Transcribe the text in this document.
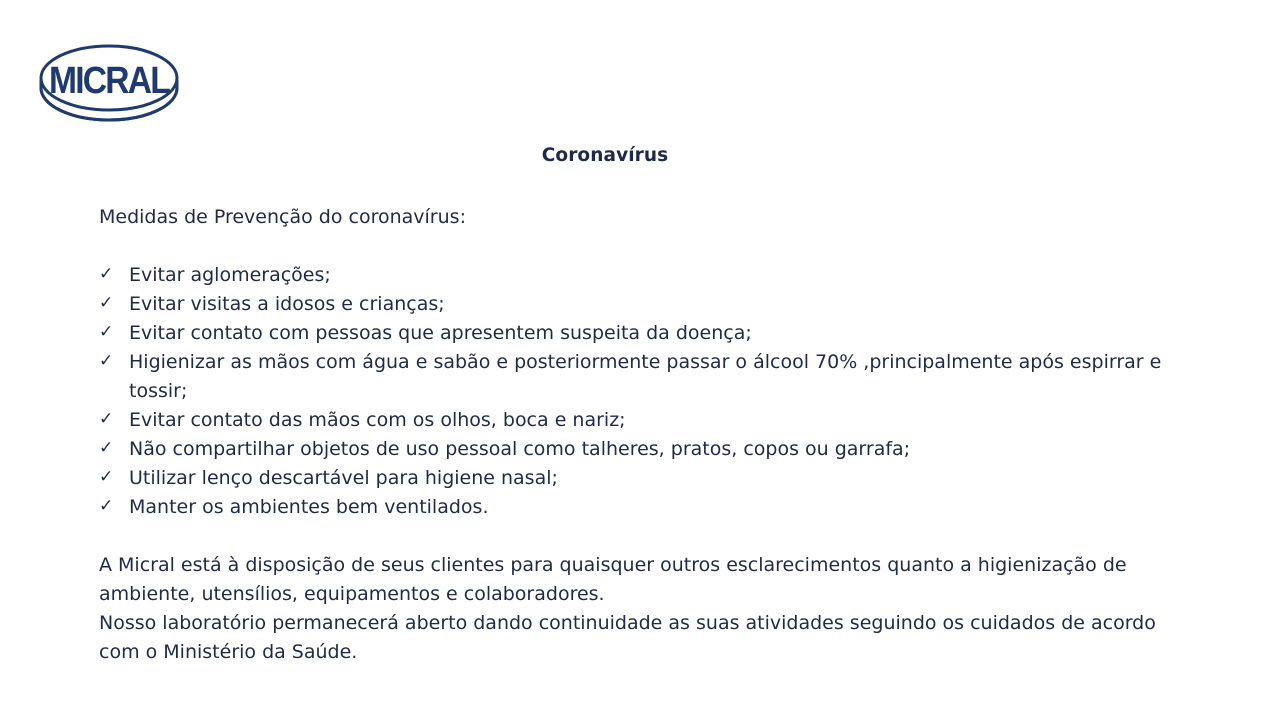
MICRAL
Coronavírus

Medidas de Prevenção do coronavírus:

✓ Evitar aglomerações;
✓ Evitar visitas a idosos e crianças;
✓ Evitar contato com pessoas que apresentem suspeita da doença;
✓ Higienizar as mãos com água e sabão e posteriormente passar o álcool 70% ,principalmente após espirrar e tossir;
✓ Evitar contato das mãos com os olhos, boca e nariz;
✓ Não compartilhar objetos de uso pessoal como talheres, pratos, copos ou garrafa;
✓ Utilizar lenço descartável para higiene nasal;
✓ Manter os ambientes bem ventilados.

A Micral está à disposição de seus clientes para quaisquer outros esclarecimentos quanto a higienização de ambiente, utensílios, equipamentos e colaboradores.

Nosso laboratório permanecerá aberto dando continuidade as suas atividades seguindo os cuidados de acordo com o Ministério da Saúde.
